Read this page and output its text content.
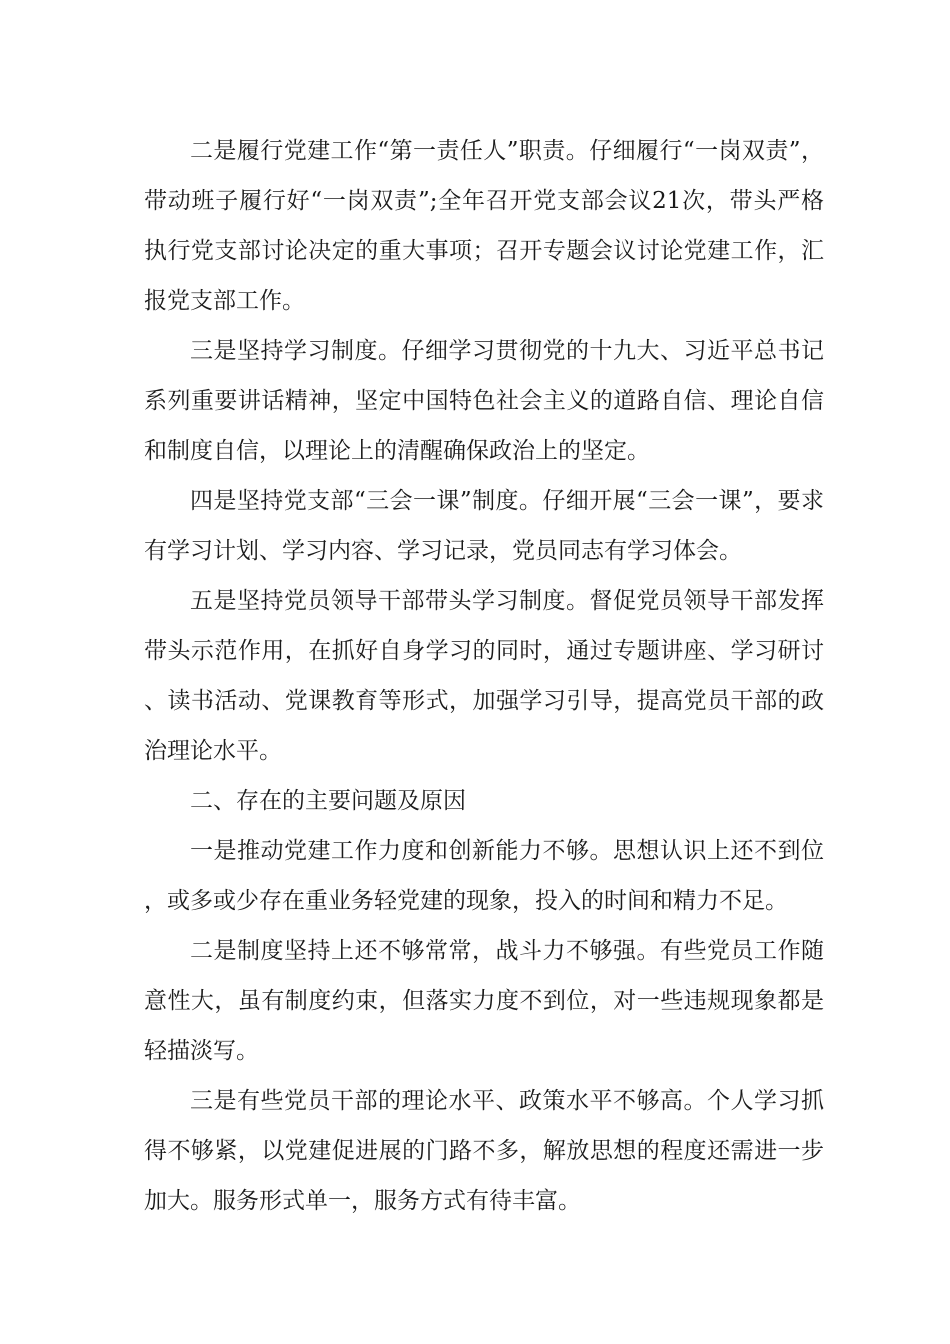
二是履行党建工作“第一责任人”职责。仔细履行“一岗双责”，带动班子履行好“一岗双责”;全年召开党支部会议21次，带头严格执行党支部讨论决定的重大事项；召开专题会议讨论党建工作，汇报党支部工作。

三是坚持学习制度。仔细学习贯彻党的十九大、习近平总书记系列重要讲话精神，坚定中国特色社会主义的道路自信、理论自信和制度自信，以理论上的清醒确保政治上的坚定。

四是坚持党支部“三会一课”制度。仔细开展“三会一课”，要求有学习计划、学习内容、学习记录，党员同志有学习体会。

五是坚持党员领导干部带头学习制度。督促党员领导干部发挥带头示范作用，在抓好自身学习的同时，通过专题讲座、学习研讨、读书活动、党课教育等形式，加强学习引导，提高党员干部的政治理论水平。

二、存在的主要问题及原因

一是推动党建工作力度和创新能力不够。思想认识上还不到位，或多或少存在重业务轻党建的现象，投入的时间和精力不足。

二是制度坚持上还不够常常，战斗力不够强。有些党员工作随意性大，虽有制度约束，但落实力度不到位，对一些违规现象都是轻描淡写。

三是有些党员干部的理论水平、政策水平不够高。个人学习抓得不够紧，以党建促进展的门路不多，解放思想的程度还需进一步加大。服务形式单一，服务方式有待丰富。
